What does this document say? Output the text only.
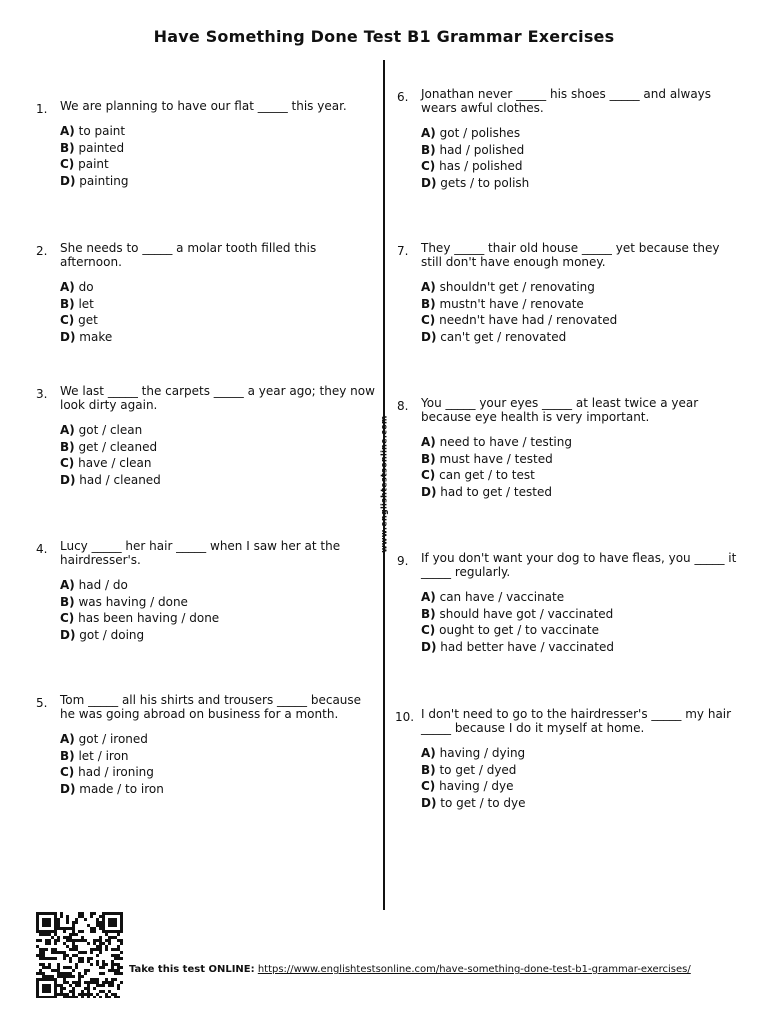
Have Something Done Test B1 Grammar Exercises
www.englishtestsonline.com
1. We are planning to have our flat _____ this year.
A) to paint
B) painted
C) paint
D) painting
2. She needs to _____ a molar tooth filled this afternoon.
A) do
B) let
C) get
D) make
3. We last _____ the carpets _____ a year ago; they now look dirty again.
A) got / clean
B) get / cleaned
C) have / clean
D) had / cleaned
4. Lucy _____ her hair _____ when I saw her at the hairdresser's.
A) had / do
B) was having / done
C) has been having / done
D) got / doing
5. Tom _____ all his shirts and trousers _____ because he was going abroad on business for a month.
A) got / ironed
B) let / iron
C) had / ironing
D) made / to iron
6. Jonathan never _____ his shoes _____ and always wears awful clothes.
A) got / polishes
B) had / polished
C) has / polished
D) gets / to polish
7. They _____ thair old house _____ yet because they still don't have enough money.
A) shouldn't get / renovating
B) mustn't have / renovate
C) needn't have had / renovated
D) can't get / renovated
8. You _____ your eyes _____ at least twice a year because eye health is very important.
A) need to have / testing
B) must have / tested
C) can get / to test
D) had to get / tested
9. If you don't want your dog to have fleas, you _____ it _____ regularly.
A) can have / vaccinate
B) should have got / vaccinated
C) ought to get / to vaccinate
D) had better have / vaccinated
10. I don't need to go to the hairdresser's _____ my hair _____ because I do it myself at home.
A) having / dying
B) to get / dyed
C) having / dye
D) to get / to dye
Take this test ONLINE: https://www.englishtestsonline.com/have-something-done-test-b1-grammar-exercises/
